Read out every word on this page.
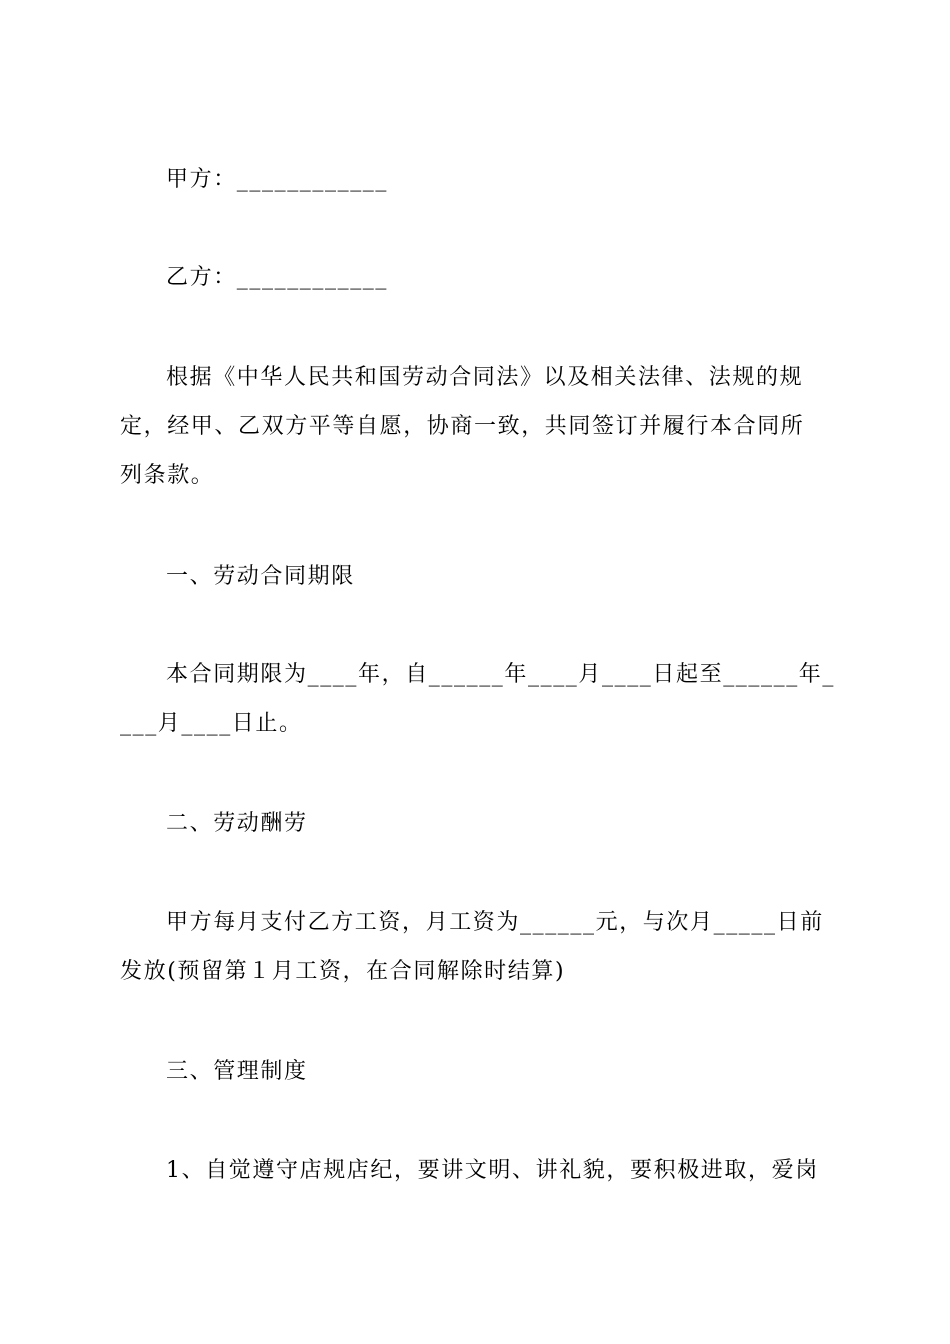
甲方：____________
乙方：____________
根据《中华人民共和国劳动合同法》以及相关法律、法规的规
定，经甲、乙双方平等自愿，协商一致，共同签订并履行本合同所
列条款。
一、劳动合同期限
本合同期限为____年，自______年____月____日起至______年_
___月____日止。
二、劳动酬劳
甲方每月支付乙方工资，月工资为______元，与次月_____日前
发放(预留第１月工资，在合同解除时结算)
三、管理制度
1、自觉遵守店规店纪，要讲文明、讲礼貌，要积极进取，爱岗
